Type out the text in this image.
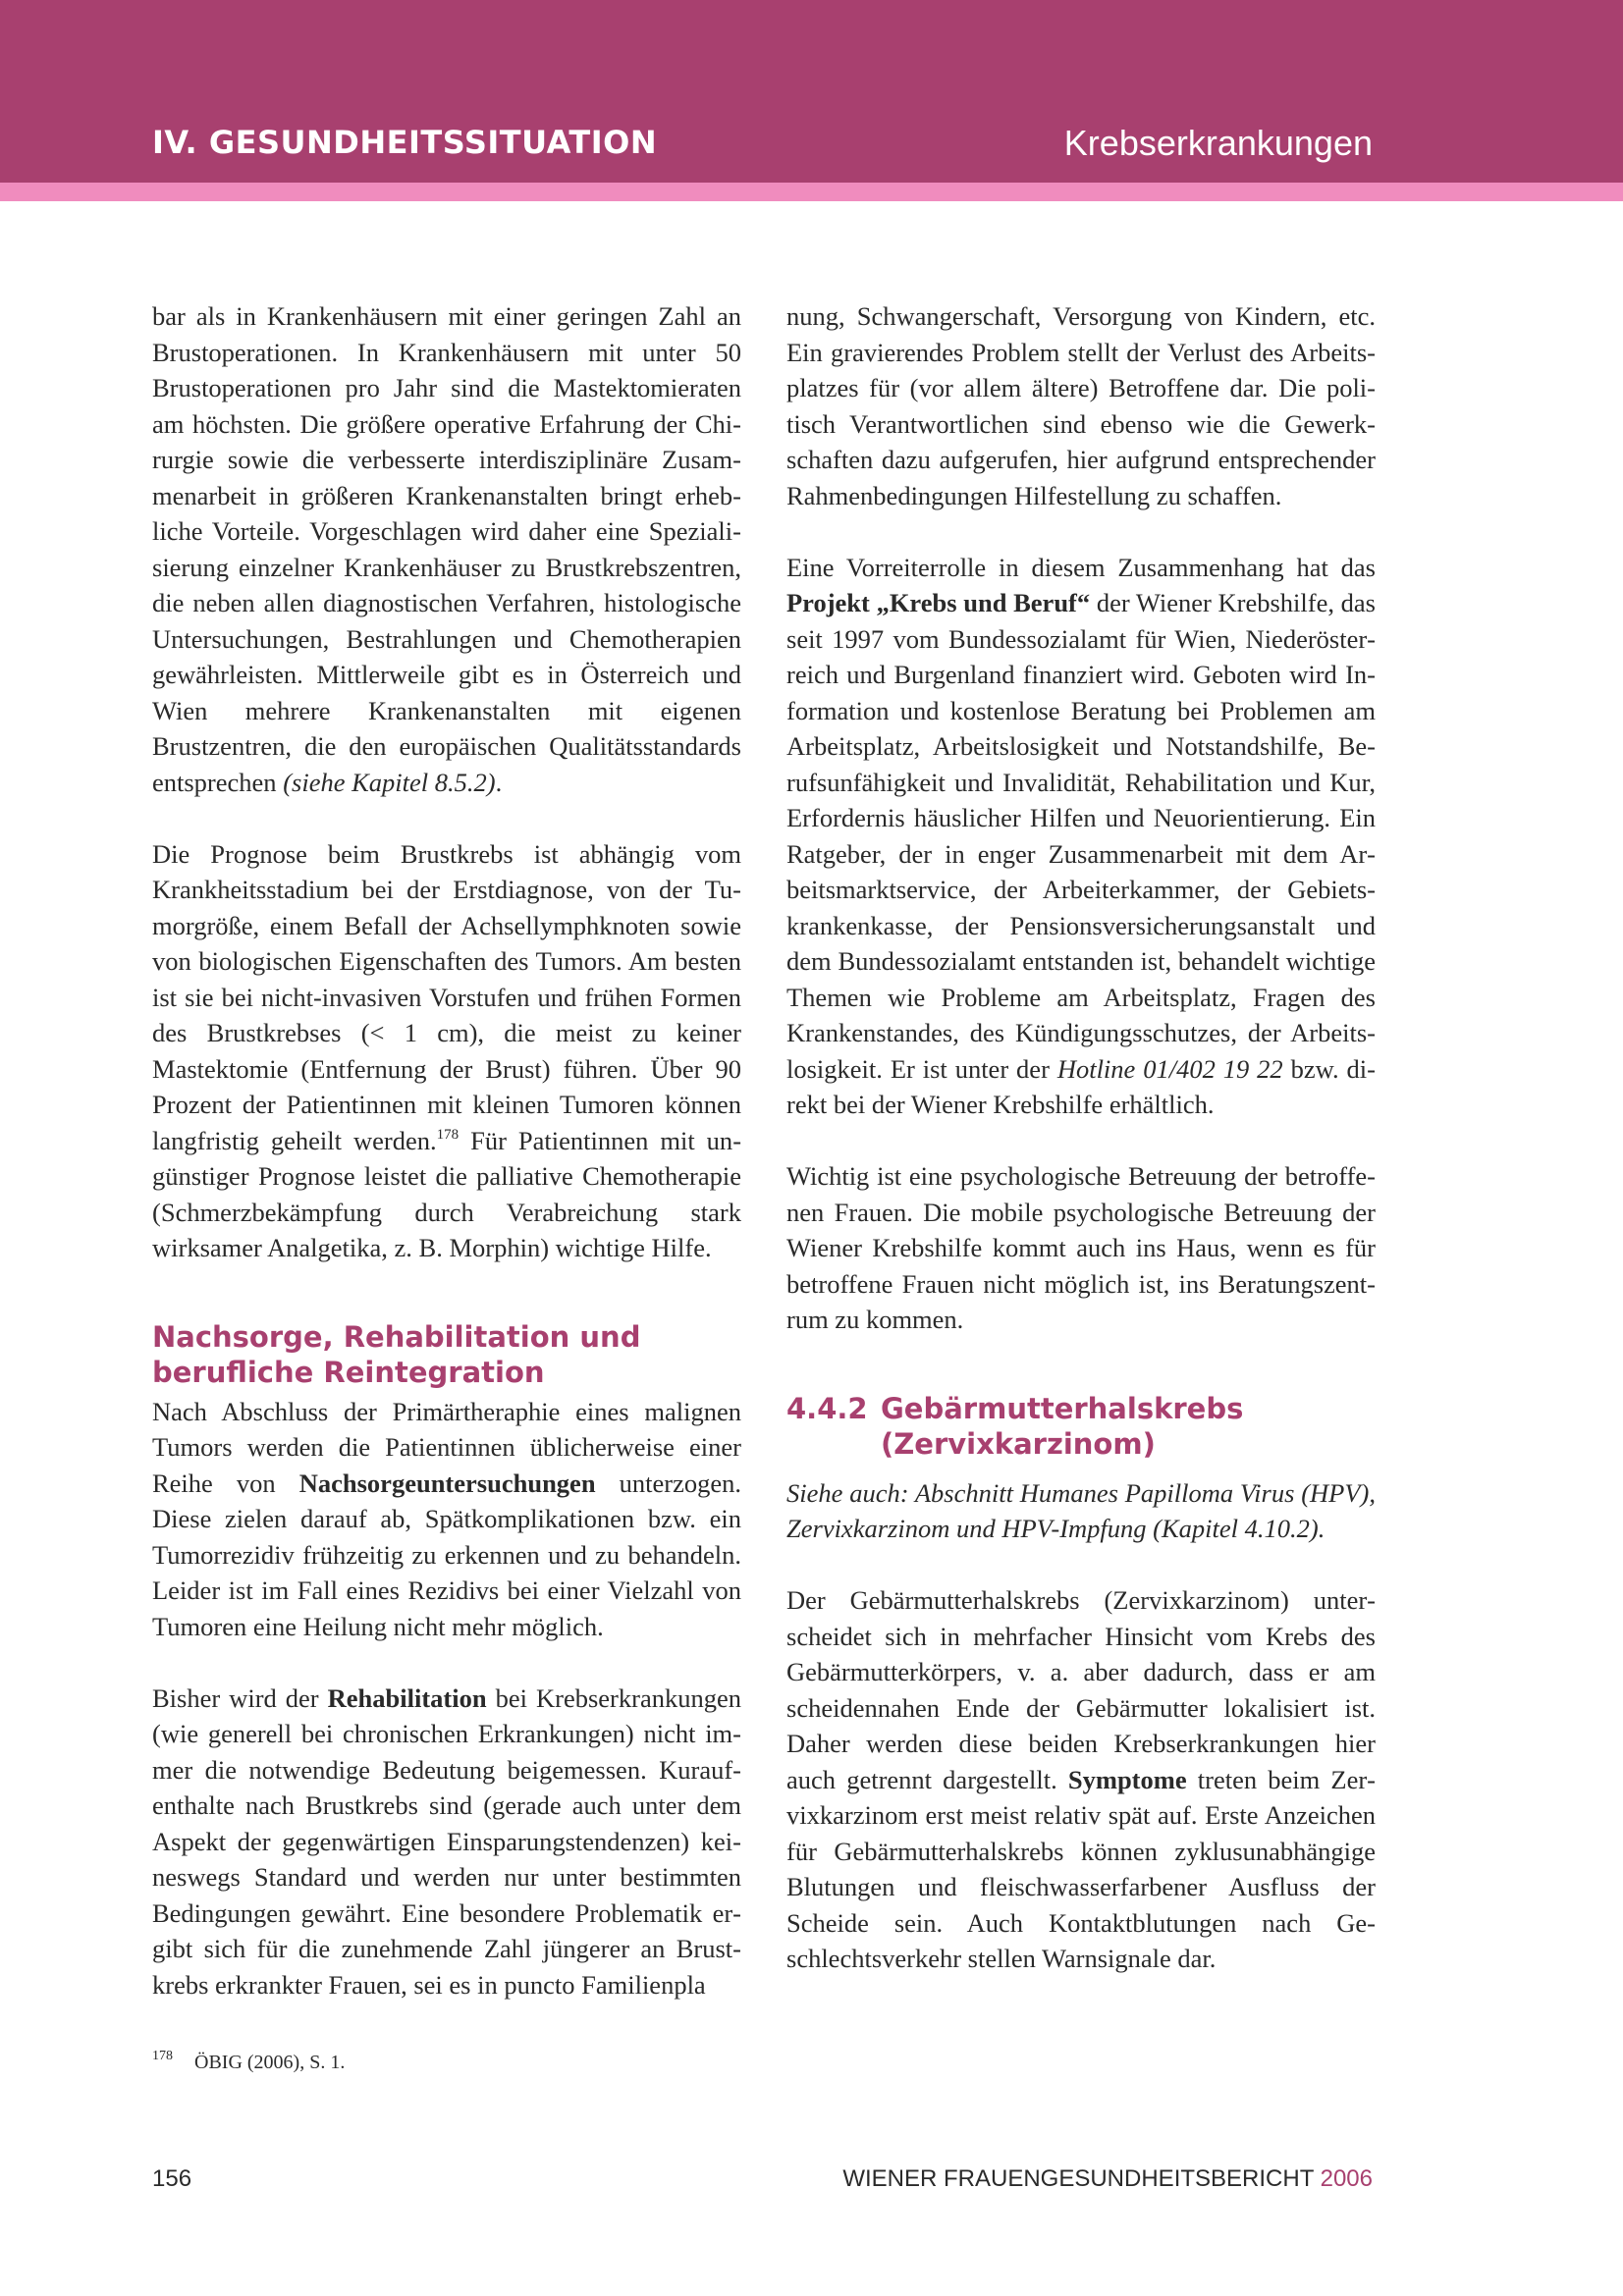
IV. GESUNDHEITSSITUATION	Krebserkrankungen

bar als in Krankenhäusern mit einer geringen Zahl an Brustoperationen. In Krankenhäusern mit unter 50 Brustoperationen pro Jahr sind die Mastektomieraten am höchsten. Die größere operative Erfahrung der Chirurgie sowie die verbesserte interdisziplinäre Zusammenarbeit in größeren Krankenanstalten bringt erhebliche Vorteile. Vorgeschlagen wird daher eine Spezialisierung einzelner Krankenhäuser zu Brustkrebszentren, die neben allen diagnostischen Verfahren, histologische Untersuchungen, Bestrahlungen und Chemotherapien gewährleisten. Mittlerweile gibt es in Österreich und Wien mehrere Krankenanstalten mit eigenen Brustzentren, die den europäischen Qualitätsstandards entsprechen (siehe Kapitel 8.5.2).

Die Prognose beim Brustkrebs ist abhängig vom Krankheitsstadium bei der Erstdiagnose, von der Tumorgröße, einem Befall der Achsellymphknoten sowie von biologischen Eigenschaften des Tumors. Am besten ist sie bei nicht-invasiven Vorstufen und frühen Formen des Brustkrebses (< 1 cm), die meist zu keiner Mastektomie (Entfernung der Brust) führen. Über 90 Prozent der Patientinnen mit kleinen Tumoren können langfristig geheilt werden.$^{178}$ Für Patientinnen mit ungünstiger Prognose leistet die palliative Chemotherapie (Schmerzbekämpfung durch Verabreichung stark wirksamer Analgetika, z. B. Morphin) wichtige Hilfe.

Nachsorge, Rehabilitation und berufliche Reintegration

Nach Abschluss der Primärtheraphie eines malignen Tumors werden die Patientinnen üblicherweise einer Reihe von Nachsorgeuntersuchungen unterzogen. Diese zielen darauf ab, Spätkomplikationen bzw. ein Tumorrezidiv frühzeitig zu erkennen und zu behandeln. Leider ist im Fall eines Rezidivs bei einer Vielzahl von Tumoren eine Heilung nicht mehr möglich.

Bisher wird der Rehabilitation bei Krebserkrankungen (wie generell bei chronischen Erkrankungen) nicht immer die notwendige Bedeutung beigemessen. Kuraufenthalte nach Brustkrebs sind (gerade auch unter dem Aspekt der gegenwärtigen Einsparungstendenzen) keineswegs Standard und werden nur unter bestimmten Bedingungen gewährt. Eine besondere Problematik ergibt sich für die zunehmende Zahl jüngerer an Brustkrebs erkrankter Frauen, sei es in puncto Familienpla

nung, Schwangerschaft, Versorgung von Kindern, etc. Ein gravierendes Problem stellt der Verlust des Arbeitsplatzes für (vor allem ältere) Betroffene dar. Die politisch Verantwortlichen sind ebenso wie die Gewerkschaften dazu aufgerufen, hier aufgrund entsprechender Rahmenbedingungen Hilfestellung zu schaffen.

Eine Vorreiterrolle in diesem Zusammenhang hat das Projekt „Krebs und Beruf“ der Wiener Krebshilfe, das seit 1997 vom Bundessozialamt für Wien, Niederösterreich und Burgenland finanziert wird. Geboten wird Information und kostenlose Beratung bei Problemen am Arbeitsplatz, Arbeitslosigkeit und Notstandshilfe, Berufsunfähigkeit und Invalidität, Rehabilitation und Kur, Erfordernis häuslicher Hilfen und Neuorientierung. Ein Ratgeber, der in enger Zusammenarbeit mit dem Arbeitsmarktservice, der Arbeiterkammer, der Gebietskrankenkasse, der Pensionsversicherungsanstalt und dem Bundessozialamt entstanden ist, behandelt wichtige Themen wie Probleme am Arbeitsplatz, Fragen des Krankenstandes, des Kündigungsschutzes, der Arbeitslosigkeit. Er ist unter der Hotline 01/402 19 22 bzw. direkt bei der Wiener Krebshilfe erhältlich.

Wichtig ist eine psychologische Betreuung der betroffenen Frauen. Die mobile psychologische Betreuung der Wiener Krebshilfe kommt auch ins Haus, wenn es für betroffene Frauen nicht möglich ist, ins Beratungszentrum zu kommen.

4.4.2 Gebärmutterhalskrebs (Zervixkarzinom)

Siehe auch: Abschnitt Humanes Papilloma Virus (HPV), Zervixkarzinom und HPV-Impfung (Kapitel 4.10.2).

Der Gebärmutterhalskrebs (Zervixkarzinom) unterscheidet sich in mehrfacher Hinsicht vom Krebs des Gebärmutterkörpers, v. a. aber dadurch, dass er am scheidennahen Ende der Gebärmutter lokalisiert ist. Daher werden diese beiden Krebserkrankungen hier auch getrennt dargestellt. Symptome treten beim Zervixkarzinom erst meist relativ spät auf. Erste Anzeichen für Gebärmutterhalskrebs können zyklusunabhängige Blutungen und fleischwasserfarbener Ausfluss der Scheide sein. Auch Kontaktblutungen nach Geschlechtsverkehr stellen Warnsignale dar.

$^{178}$ ÖBIG (2006), S. 1.
156	WIENER FRAUENGESUNDHEITSBERICHT 2006
